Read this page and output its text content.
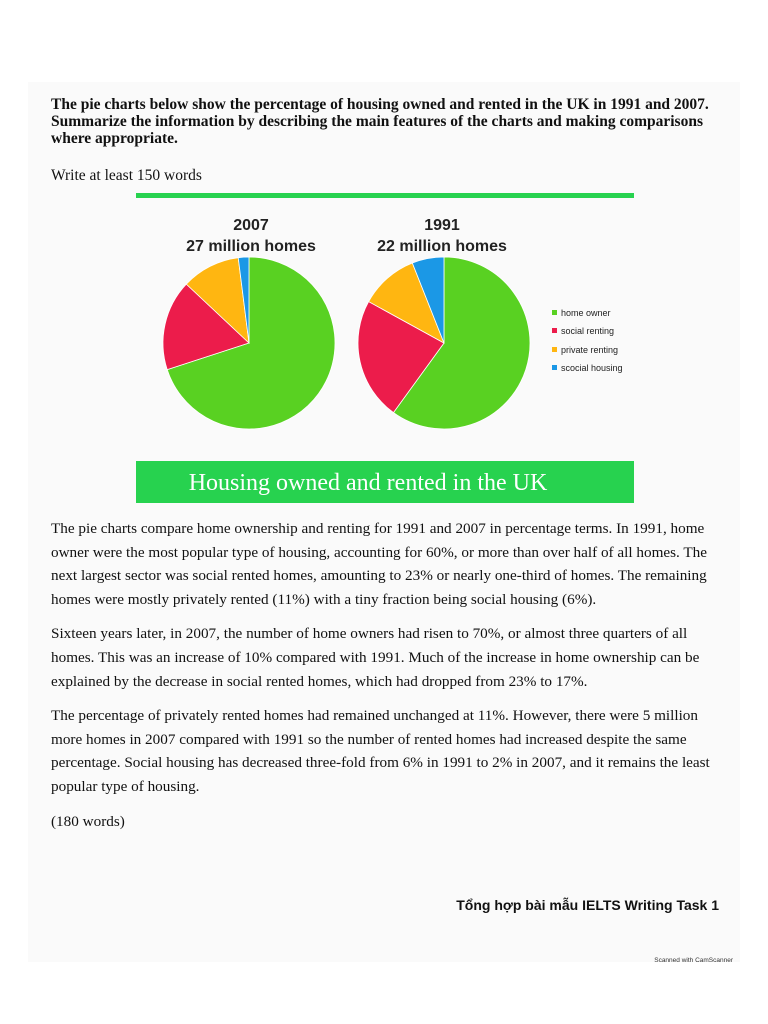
The pie charts below show the percentage of housing owned and rented in the UK in 1991 and 2007. Summarize the information by describing the main features of the charts and making comparisons where appropriate.
Write at least 150 words
2007
27 million homes
1991
22 million homes
home owner
social renting
private renting
scocial housing
Housing owned and rented in the UK

The pie charts compare home ownership and renting for 1991 and 2007 in percentage terms. In 1991, home owner were the most popular type of housing, accounting for 60%, or more than over half of all homes. The next largest sector was social rented homes, amounting to 23% or nearly one-third of homes. The remaining homes were mostly privately rented (11%) with a tiny fraction being social housing (6%).

Sixteen years later, in 2007, the number of home owners had risen to 70%, or almost three quarters of all homes. This was an increase of 10% compared with 1991. Much of the increase in home ownership can be explained by the decrease in social rented homes, which had dropped from 23% to 17%.

The percentage of privately rented homes had remained unchanged at 11%. However, there were 5 million more homes in 2007 compared with 1991 so the number of rented homes had increased despite the same percentage. Social housing has decreased three-fold from 6% in 1991 to 2% in 2007, and it remains the least popular type of housing.

(180 words)

Tổng hợp bài mẫu IELTS Writing Task 1
Scanned with CamScanner
